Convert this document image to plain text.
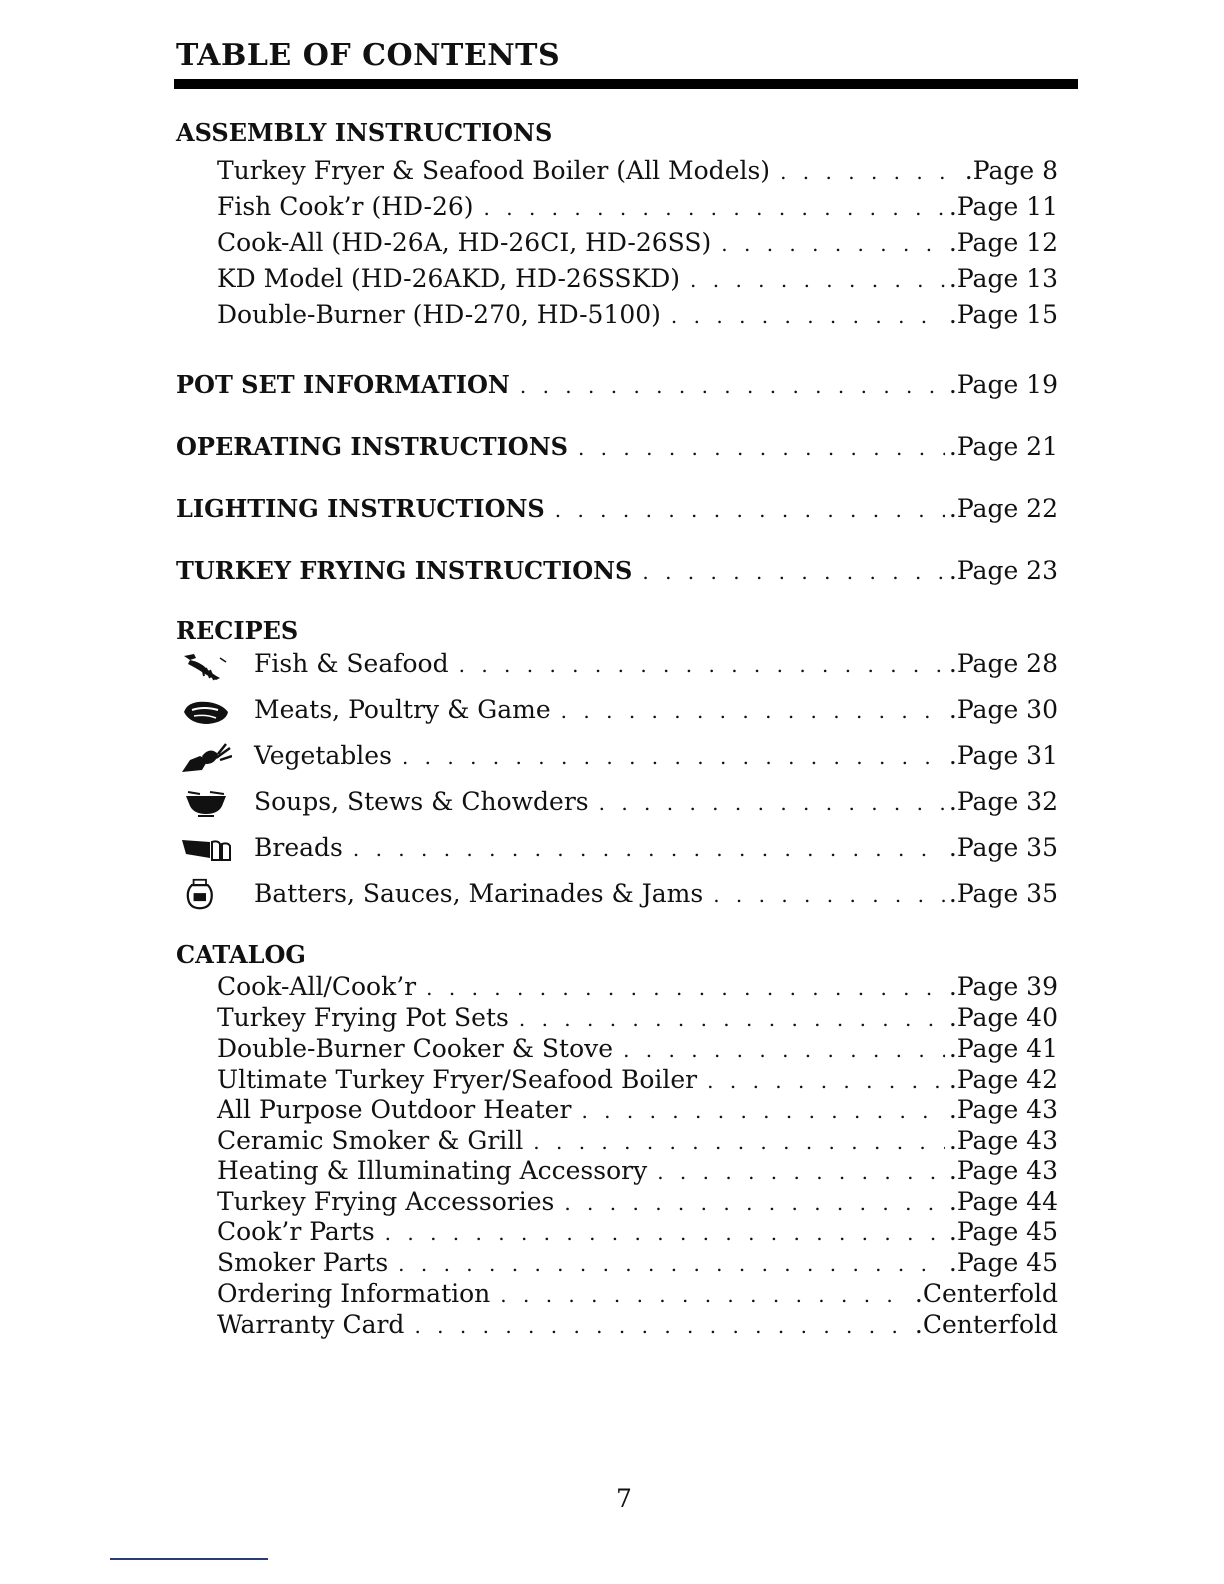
TABLE OF CONTENTS
ASSEMBLY INSTRUCTIONS
Turkey Fryer & Seafood Boiler (All Models) . . .	.Page 8
Fish Cook’r (HD-26) . . .	.Page 11
Cook-All (HD-26A, HD-26CI, HD-26SS) . . .	.Page 12
KD Model (HD-26AKD, HD-26SSKD) . . .	.Page 13
Double-Burner (HD-270, HD-5100) . . .	.Page 15
POT SET INFORMATION . . .	.Page 19
OPERATING INSTRUCTIONS . . .	.Page 21
LIGHTING INSTRUCTIONS . . .	.Page 22
TURKEY FRYING INSTRUCTIONS . . .	.Page 23
RECIPES
Fish & Seafood . . .	.Page 28
Meats, Poultry & Game . . .	.Page 30
Vegetables . . .	.Page 31
Soups, Stews & Chowders . . .	.Page 32
Breads . . .	.Page 35
Batters, Sauces, Marinades & Jams . . .	.Page 35
CATALOG
Cook-All/Cook’r . . .	.Page 39
Turkey Frying Pot Sets . . .	.Page 40
Double-Burner Cooker & Stove . . .	.Page 41
Ultimate Turkey Fryer/Seafood Boiler . . .	.Page 42
All Purpose Outdoor Heater . . .	.Page 43
Ceramic Smoker & Grill . . .	.Page 43
Heating & Illuminating Accessory . . .	.Page 43
Turkey Frying Accessories . . .	.Page 44
Cook’r Parts . . .	.Page 45
Smoker Parts . . .	.Page 45
Ordering Information . . .	.Centerfold
Warranty Card . . .	.Centerfold
7
